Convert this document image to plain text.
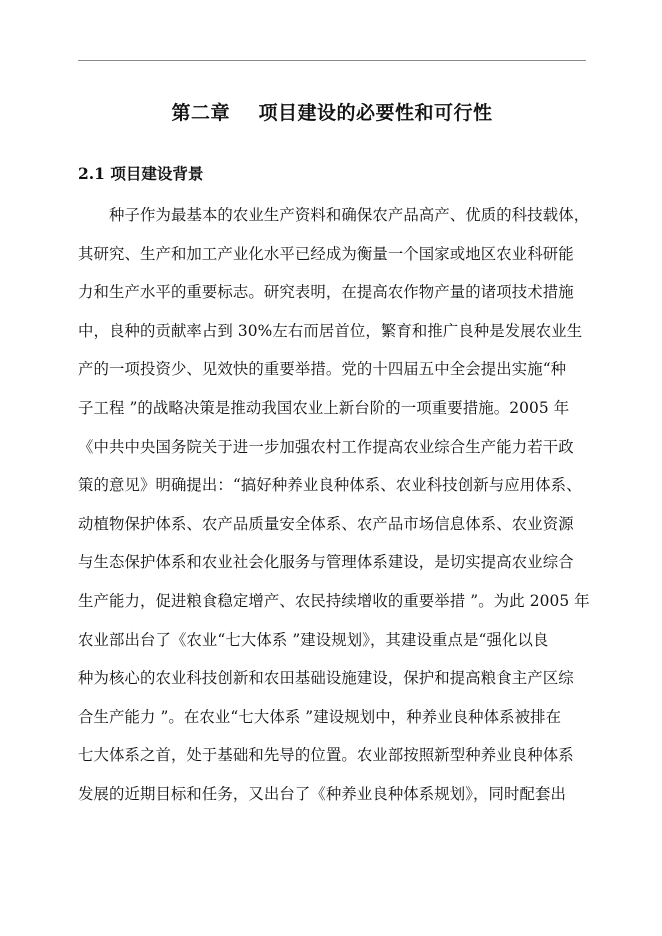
第二章    项目建设的必要性和可行性
2.1 项目建设背景
种子作为最基本的农业生产资料和确保农产品高产、优质的科技载体，
其研究、生产和加工产业化水平已经成为衡量一个国家或地区农业科研能
力和生产水平的重要标志。研究表明，在提高农作物产量的诸项技术措施
中，良种的贡献率占到 30%左右而居首位，繁育和推广良种是发展农业生
产的一项投资少、见效快的重要举措。党的十四届五中全会提出实施“种
子工程 ”的战略决策是推动我国农业上新台阶的一项重要措施。2005 年
《中共中央国务院关于进一步加强农村工作提高农业综合生产能力若干政
策的意见》明确提出：“搞好种养业良种体系、农业科技创新与应用体系、
动植物保护体系、农产品质量安全体系、农产品市场信息体系、农业资源
与生态保护体系和农业社会化服务与管理体系建设，是切实提高农业综合
生产能力，促进粮食稳定增产、农民持续增收的重要举措 ”。为此 2005 年
农业部出台了《农业“七大体系 ”建设规划》，其建设重点是“强化以良
种为核心的农业科技创新和农田基础设施建设，保护和提高粮食主产区综
合生产能力 ”。在农业“七大体系 ”建设规划中，种养业良种体系被排在
七大体系之首，处于基础和先导的位置。农业部按照新型种养业良种体系
发展的近期目标和任务，又出台了《种养业良种体系规划》，同时配套出
